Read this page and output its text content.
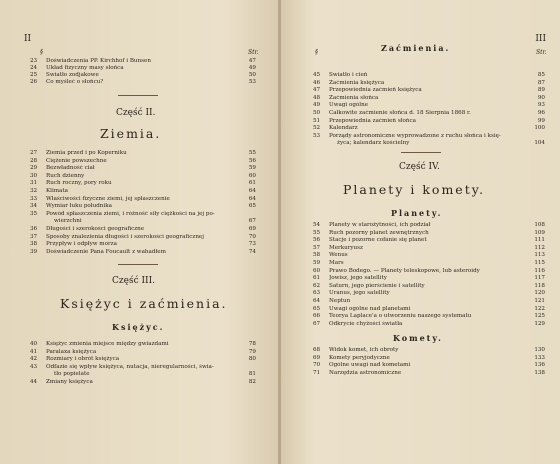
II
§	Str.
23	Doświadczenia PP. Kirchhof i Bunsen	47
24	Układ fizyczny masy słońca	49
25	Światło zodjakowe	50
26	Co myśleć o słońcu?	53
Część II.
Ziemia.
27	Ziemia przed i po Koperniku	55
28	Ciężenie powszechne	56
29	Bezwładność ciał	59
30	Ruch dzienny	60
31	Ruch roczny, pory roku	61
32	Klimata	64
33	Właściwości fizyczne ziemi, jej spłaszczenie	64
34	Wymiar łuku południka	65
35	Powód spłaszczenia ziemi, i różność siły ciężkości na jej po-
wierzchni	67
36	Długości i szerokości geograficzne	69
37	Sposoby znalezienia długości i szerokości geograficznej	70
38	Przypływ i odpływ morza	73
39	Doświadczenie Pana Foucault z wahadłem	74
Część III.
Księżyc i zaćmienia.
Księżyc.
40	Księżyc zmienia miejsce między gwiazdami	78
41	Paralaxa księżyca	79
42	Rozmiary i obrót księżyca	80
43	Odfazie się wpływ księżyca, nutacja, nieregularności, świa-
tło popielate	81
44	Zmiany księżyca	82
III
§	Str.
Zaćmienia.
45	Światło i cień	85
46	Zaćmienia księżyca	87
47	Przepowiednia zaćmień księżyca	89
48	Zaćmienia słońca	90
49	Uwagi ogólne	93
50	Całkowite zaćmienie słońca d. 18 Sierpnia 1868 r.	96
51	Przepowiednia zaćmień słońca	99
52	Kalendarz	100
53	Porządy astronomiczne wyprowadzone z ruchu słońca i księ-
życa; kalendarz kościelny	104
Część IV.
Planety i komety.
Planety.
54	Planety w starożytności, ich podział	108
55	Ruch pozorny planet zewnętrznych	109
56	Stacje i pozorne cofanie się planet	111
57	Merkuryusz	112
58	Wenus	113
59	Mars	115
60	Prawo Bodego. — Planety teleskopowe, lub asteroidy	116
61	Jowisz, jego satellity	117
62	Saturn, jego pierścienie i satellity	118
63	Uranus, jego satellity	120
64	Neptun	121
65	Uwagi ogólne nad planetami	122
66	Teorya Laplace'a o utworzeniu naszego systematu	125
67	Odkrycie chyżości światła	129
Komety.
68	Widok komet, ich obroty	130
69	Komety peryjodyczne	133
70	Ogólne uwagi nad kometami	136
71	Narzędzia astronomiczne	138
